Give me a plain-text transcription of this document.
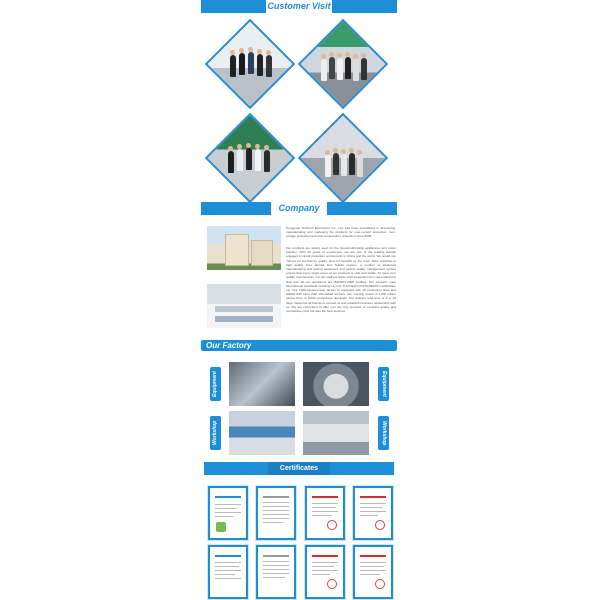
Customer Visit
Company
Dongguan Tenhenh Electronics Co., Ltd. has been specialized in developing, manufacturing and marketing the products for over-current protection, over-voltage protection and over-temperature protection since 2006.
Our products are widely used for the household/mobile appliances and motor industry. With 20 years of experience, we are one of the leading fastidio engaged in circuit protection components in China and the world. We would use "strives for survival by quality, aims for benefits by the cost". Rare expertise of high quality from abroad and Taiwan regions, a number of advanced manufacturing and testing equipment and perfect quality management system ensure that every single piece of our products is safe and stable. To meet your quality requirements, our QC staff conducts strict inspection from raw material to final test. All our operations are ISO9001-2008 certified. Our products meet international standards including UL,cUL,TUV,CE,KC,RoHS,REACH certification etc. Our 1200-square-meter factory is equipped with 16 production lines and staffed with more than 130 skilled workers. Our monthly output is 3,000 million pieces from to 8,000 pcs/volume demands. Our delivery lead time is 3 to 10 days. Welcome all friends to contact us and establish business relationship with us. We are committed to offer you not only products of excellent quality and competitive price but also the best services.
Our Factory
Equipment	Equipment
Workshop	Workshop
Certificates
